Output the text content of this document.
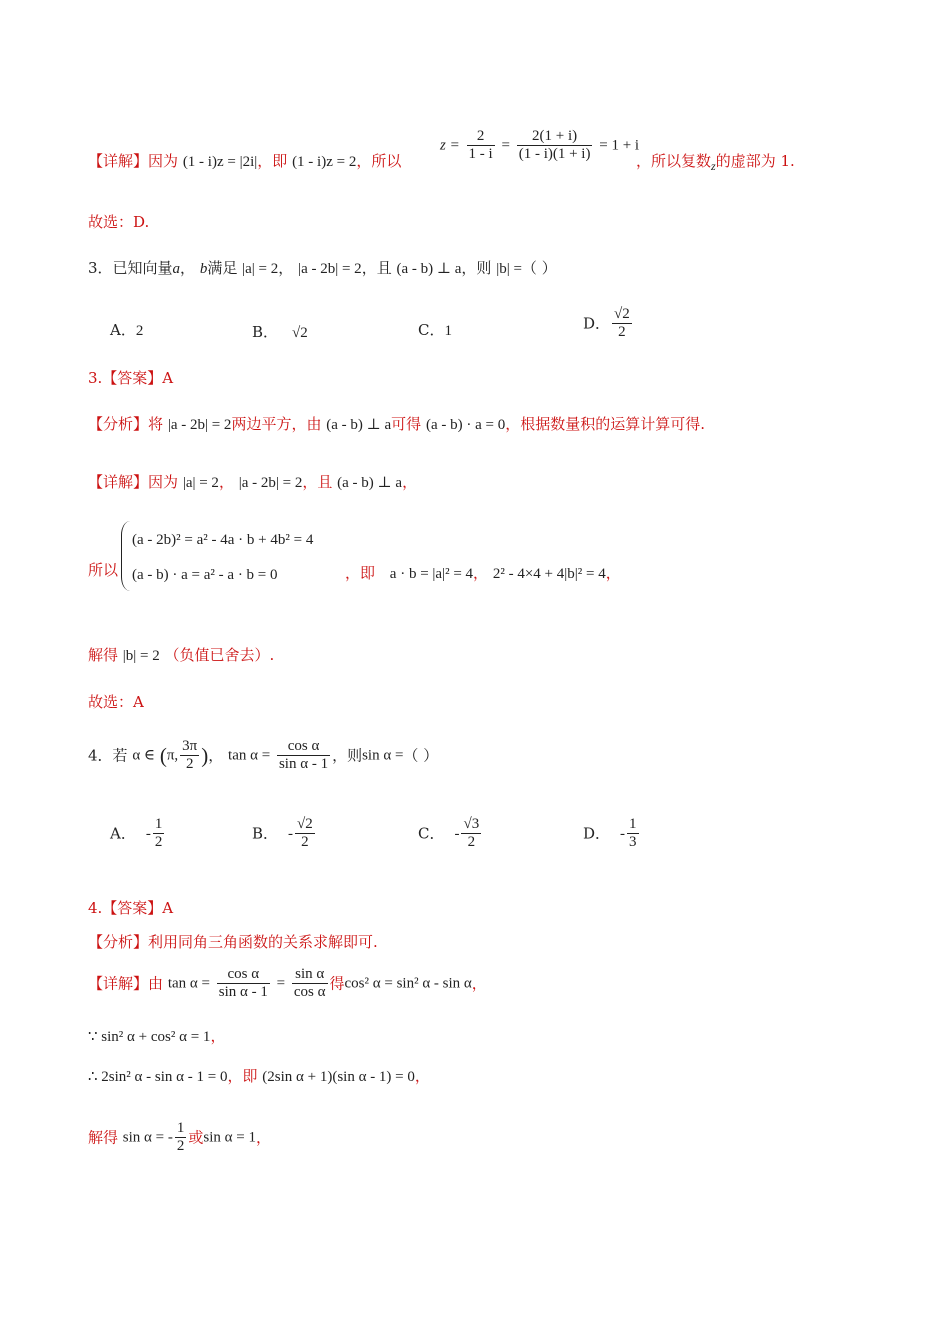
【详解】因为 (1 - i)z = |2i|，即 (1 - i)z = 2，所以
$z = \frac{2}{1 - i} = \frac{2(1 + i)}{(1 - i)(1 + i)} = 1 + i$
，所以复数$_z$的虚部为 1.
故选：D.
3．已知向量a， b满足 |a| = 2， |a - 2b| = 2，且 (a - b) ⊥ a，则 |b| =（ ）
A．2	B． √2	C．1	D． $\frac{√2}{2}$
3.【答案】A
【分析】将 |a - 2b| = 2两边平方，由 (a - b) ⊥ a可得 (a - b) · a = 0，根据数量积的运算计算可得.
【详解】因为 |a| = 2， |a - 2b| = 2，且 (a - b) ⊥ a，
所以
(a - 2b)² = a² - 4a · b + 4b² = 4
(a - b) · a = a² - a · b = 0	，即 a · b = |a|² = 4， 2² - 4×4 + 4|b|² = 4，
解得 |b| = 2 （负值已舍去）.
故选：A
4．若 α ∈ (π, $\frac{3\pi}{2}$ )， $\tan \alpha = \frac{\text{cos α}}{\text{sin α - 1}}$ ，则sin α =（ ）
A． - $\frac{1}{2}$	B． - $\frac{√2}{2}$	C． - $\frac{√3}{2}$	D． - $\frac{1}{3}$
4.【答案】A
【分析】利用同角三角函数的关系求解即可.
【详解】由 $\tan \alpha = \frac{\text{cos α}}{\text{sin α - 1}} = \frac{\text{sin α}}{\text{cos α}}$ 得cos² α = sin² α - sin α，
∵ sin² α + cos² α = 1，
∴ 2sin² α - sin α - 1 = 0，即 (2sin α + 1)(sin α - 1) = 0，
解得 sin α = - $\frac{1}{2}$ 或sin α = 1，
